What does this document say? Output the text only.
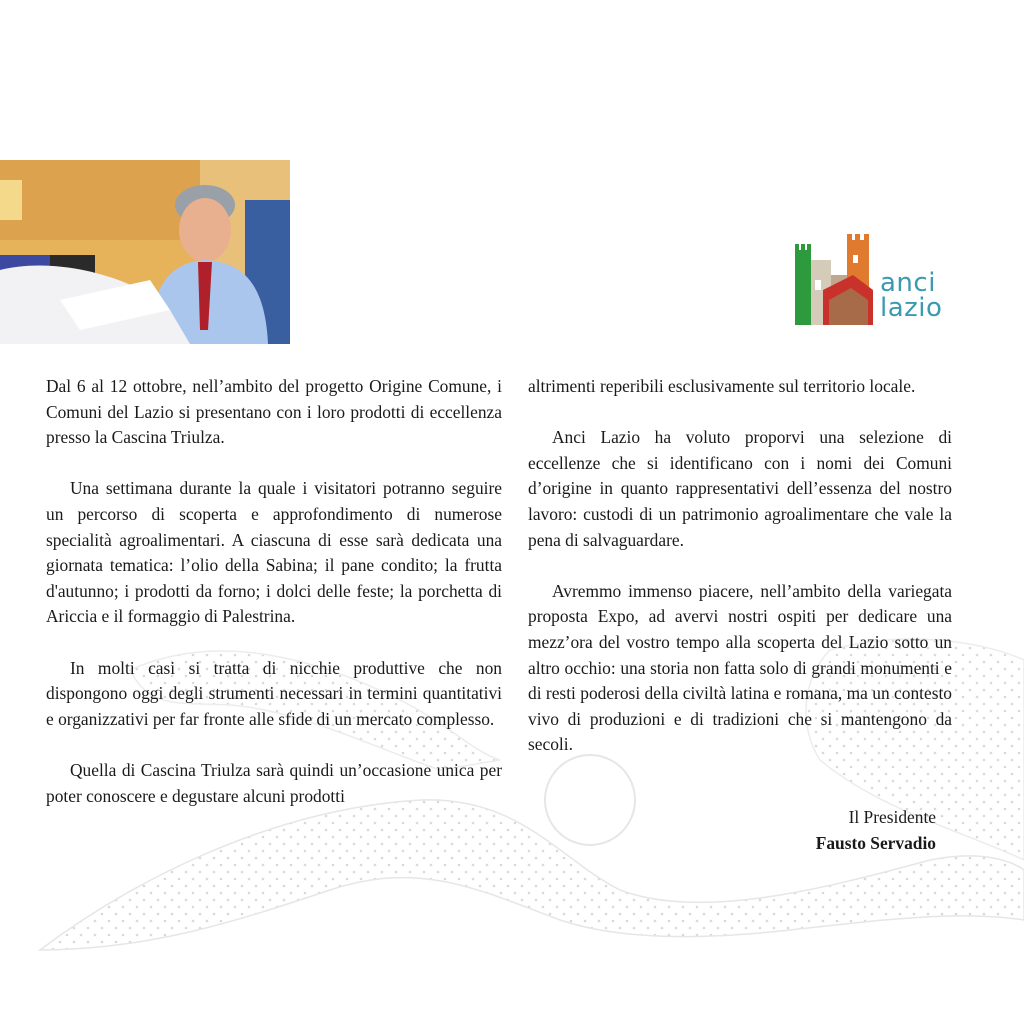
anci
lazio

Dal 6 al 12 ottobre, nell’ambito del progetto Origine Comune, i Comuni del Lazio si presentano con i loro prodotti di eccellenza presso la Cascina Triulza.

Una settimana durante la quale i visitatori potranno seguire un percorso di scoperta e approfondimento di numerose specialità agroalimentari. A ciascuna di esse sarà dedicata una giornata tematica: l’olio della Sabina; il pane condito; la frutta d'autunno; i prodotti da forno; i dolci delle feste; la porchetta di Ariccia e il formaggio di Palestrina.

In molti casi si tratta di nicchie produttive che non dispongono oggi degli strumenti necessari in termini quantitativi e organizzativi per far fronte alle sfide di un mercato complesso.

Quella di Cascina Triulza sarà quindi un’occasione unica per poter conoscere e degustare alcuni prodotti

altrimenti reperibili esclusivamente sul territorio locale.

Anci Lazio ha voluto proporvi una selezione di eccellenze che si identificano con i nomi dei Comuni d’origine in quanto rappresentativi dell’essenza del nostro lavoro: custodi di un patrimonio agroalimentare che vale la pena di salvaguardare.

Avremmo immenso piacere, nell’ambito della variegata proposta Expo, ad avervi nostri ospiti per dedicare una mezz’ora del vostro tempo alla scoperta del Lazio sotto un altro occhio: una storia non fatta solo di grandi monumenti e di resti poderosi della civiltà latina e romana, ma un contesto vivo di produzioni e di tradizioni che si mantengono da secoli.

Il Presidente
Fausto Servadio
